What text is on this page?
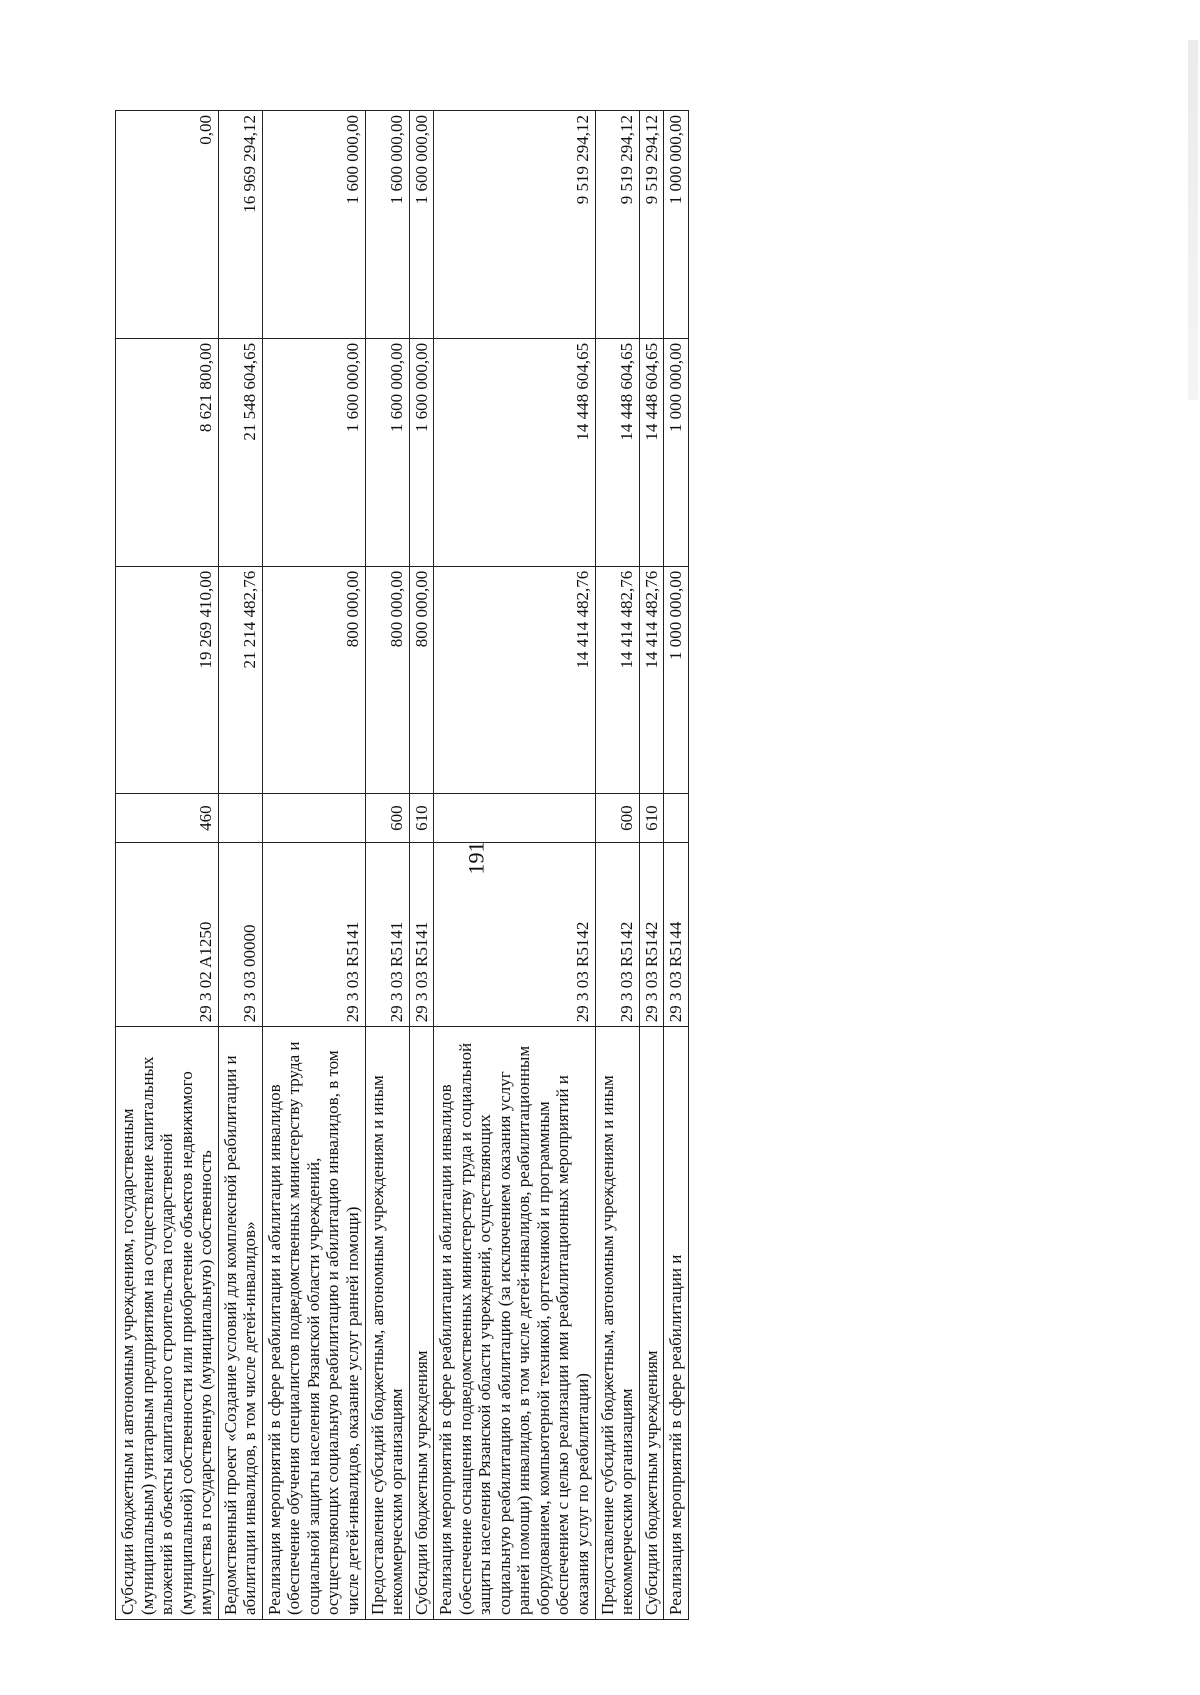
191
Субсидии бюджетным и автономным учреждениям, государственным (муниципальным) унитарным предприятиям на осуществление капитальных вложений в объекты капитального строительства государственной (муниципальной) собственности или приобретение объектов недвижимого имущества в государственную (муниципальную) собственность	29 3 02 A1250	460	19 269 410,00	8 621 800,00	0,00
Ведомственный проект «Создание условий для комплексной реабилитации и абилитации инвалидов, в том числе детей-инвалидов»	29 3 03 00000		21 214 482,76	21 548 604,65	16 969 294,12
Реализация мероприятий в сфере реабилитации и абилитации инвалидов (обеспечение обучения специалистов подведомственных министерству труда и социальной защиты населения Рязанской области учреждений, осуществляющих социальную реабилитацию и абилитацию инвалидов, в том числе детей-инвалидов, оказание услуг ранней помощи)	29 3 03 R5141		800 000,00	1 600 000,00	1 600 000,00
Предоставление субсидий бюджетным, автономным учреждениям и иным некоммерческим организациям	29 3 03 R5141	600	800 000,00	1 600 000,00	1 600 000,00
Субсидии бюджетным учреждениям	29 3 03 R5141	610	800 000,00	1 600 000,00	1 600 000,00
Реализация мероприятий в сфере реабилитации и абилитации инвалидов (обеспечение оснащения подведомственных министерству труда и социальной защиты населения Рязанской области учреждений, осуществляющих социальную реабилитацию и абилитацию (за исключением оказания услуг ранней помощи) инвалидов, в том числе детей-инвалидов, реабилитационным оборудованием, компьютерной техникой, оргтехникой и программным обеспечением с целью реализации ими реабилитационных мероприятий и оказания услуг по реабилитации)	29 3 03 R5142		14 414 482,76	14 448 604,65	9 519 294,12
Предоставление субсидий бюджетным, автономным учреждениям и иным некоммерческим организациям	29 3 03 R5142	600	14 414 482,76	14 448 604,65	9 519 294,12
Субсидии бюджетным учреждениям	29 3 03 R5142	610	14 414 482,76	14 448 604,65	9 519 294,12
Реализация мероприятий в сфере реабилитации и	29 3 03 R5144		1 000 000,00	1 000 000,00	1 000 000,00
